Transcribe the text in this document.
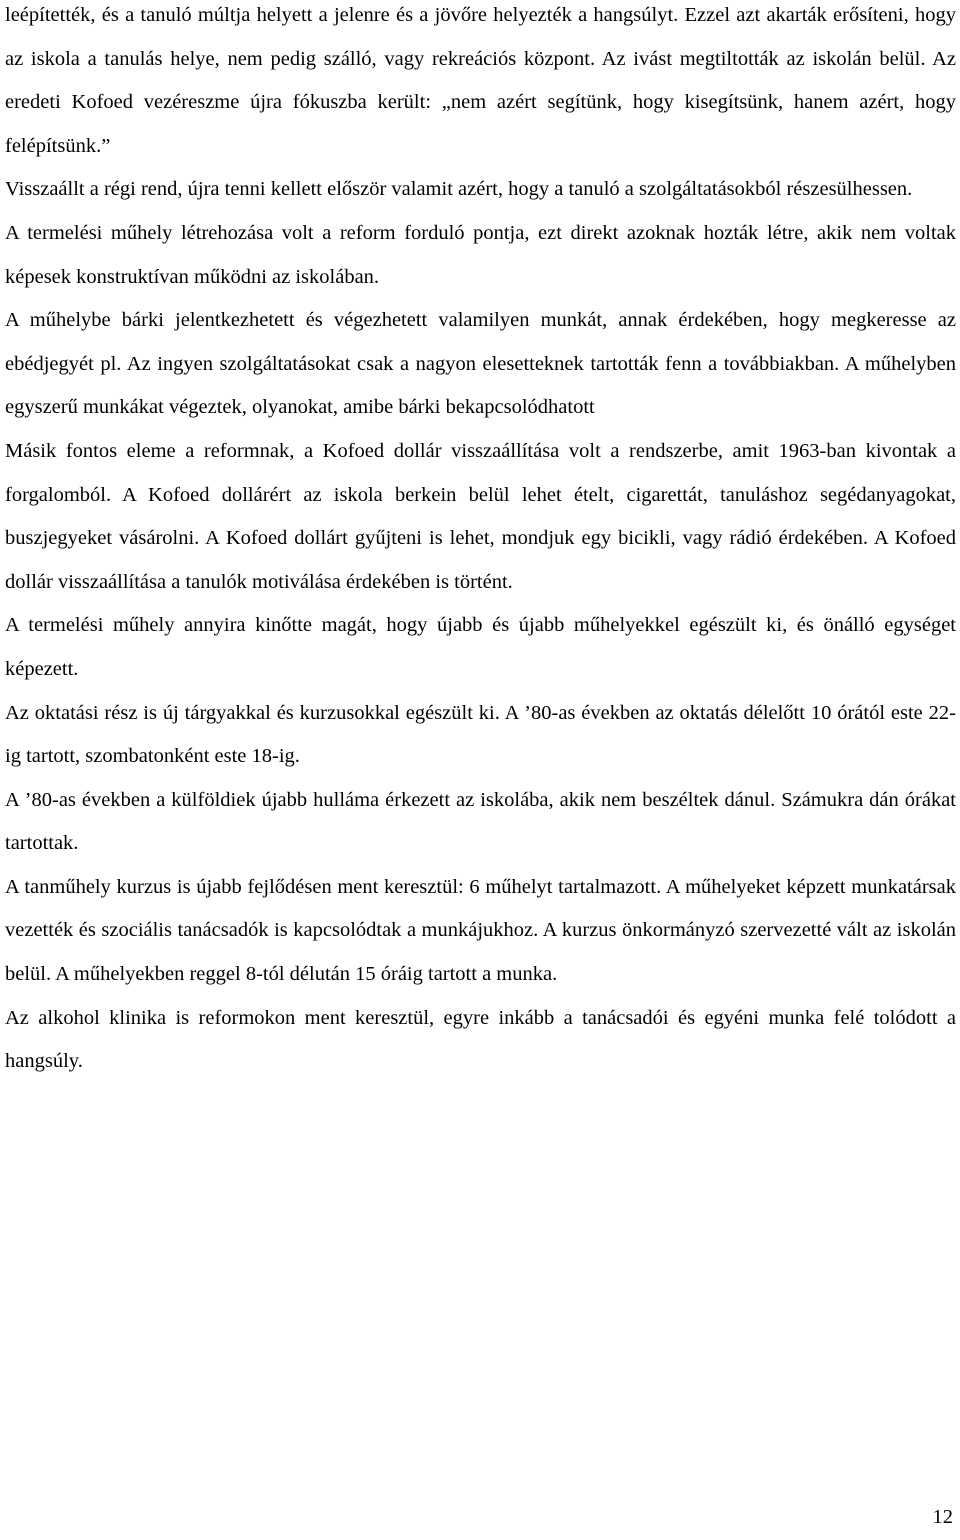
leépítették, és a tanuló múltja helyett a jelenre és a jövőre helyezték a hangsúlyt. Ezzel azt akarták erősíteni, hogy az iskola a tanulás helye, nem pedig szálló, vagy rekreációs központ. Az ivást megtiltották az iskolán belül. Az eredeti Kofoed vezéreszme újra fókuszba került: „nem azért segítünk, hogy kisegítsünk, hanem azért, hogy felépítsünk.”

Visszaállt a régi rend, újra tenni kellett először valamit azért, hogy a tanuló a szolgáltatásokból részesülhessen.

A termelési műhely létrehozása volt a reform forduló pontja, ezt direkt azoknak hozták létre, akik nem voltak képesek konstruktívan működni az iskolában.

A műhelybe bárki jelentkezhetett és végezhetett valamilyen munkát, annak érdekében, hogy megkeresse az ebédjegyét pl. Az ingyen szolgáltatásokat csak a nagyon elesetteknek tartották fenn a továbbiakban. A műhelyben egyszerű munkákat végeztek, olyanokat, amibe bárki bekapcsolódhatott

Másik fontos eleme a reformnak, a Kofoed dollár visszaállítása volt a rendszerbe, amit 1963-ban kivontak a forgalomból. A Kofoed dollárért az iskola berkein belül lehet ételt, cigarettát, tanuláshoz segédanyagokat, buszjegyeket vásárolni. A Kofoed dollárt gyűjteni is lehet, mondjuk egy bicikli, vagy rádió érdekében. A Kofoed dollár visszaállítása a tanulók motiválása érdekében is történt.

A termelési műhely annyira kinőtte magát, hogy újabb és újabb műhelyekkel egészült ki, és önálló egységet képezett.

Az oktatási rész is új tárgyakkal és kurzusokkal egészült ki. A ’80-as években az oktatás délelőtt 10 órától este 22-ig tartott, szombatonként este 18-ig.

A ’80-as években a külföldiek újabb hulláma érkezett az iskolába, akik nem beszéltek dánul. Számukra dán órákat tartottak.

A tanműhely kurzus is újabb fejlődésen ment keresztül: 6 műhelyt tartalmazott. A műhelyeket képzett munkatársak vezették és szociális tanácsadók is kapcsolódtak a munkájukhoz. A kurzus önkormányzó szervezetté vált az iskolán belül. A műhelyekben reggel 8-tól délután 15 óráig tartott a munka.

Az alkohol klinika is reformokon ment keresztül, egyre inkább a tanácsadói és egyéni munka felé tolódott a hangsúly.

12
